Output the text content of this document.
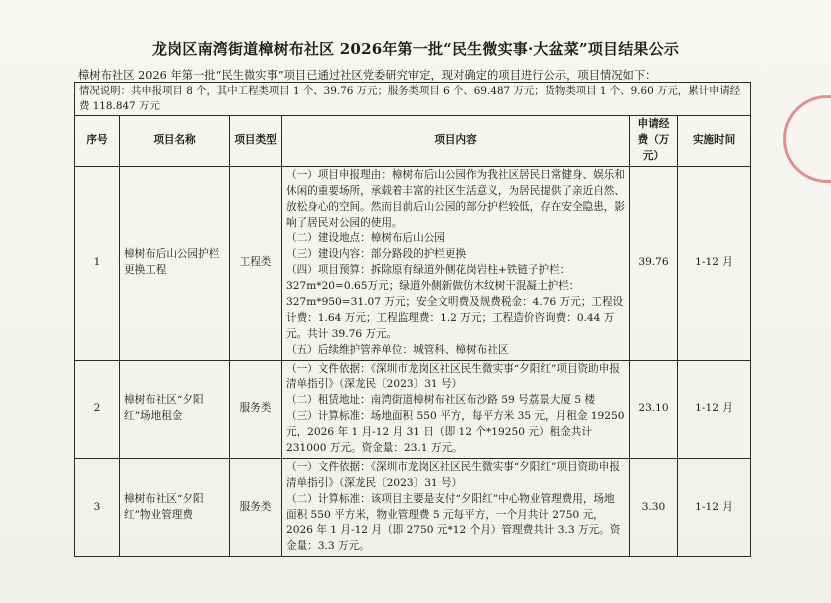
龙岗区南湾街道樟树布社区 2026年第一批“民生微实事·大盆菜”项目结果公示
樟树布社区 2026 年第一批“民生微实事”项目已通过社区党委研究审定，现对确定的项目进行公示，项目情况如下：
情况说明：共申报项目 8 个，其中工程类项目 1 个、39.76 万元；服务类项目 6 个、69.487 万元；货物类项目 1 个、9.60 万元，累计申请经费 118.847 万元					
序号	项目名称	项目类型	项目内容	申请经费（万元）	实施时间
1	樟树布后山公园护栏更换工程	工程类	（一）项目申报理由：樟树布后山公园作为我社区居民日常健身、娱乐和休闲的重要场所，承载着丰富的社区生活意义，为居民提供了亲近自然、放松身心的空间。然而目前后山公园的部分护栏较低，存在安全隐患，影响了居民对公园的使用。
（二）建设地点：樟树布后山公园
（三）建设内容：部分路段的护栏更换
（四）项目预算：拆除原有绿道外侧花岗岩柱+铁链子护栏：327m*20=0.65万元；绿道外侧新做仿木纹树干混凝土护栏：327m*950=31.07 万元；安全文明费及规费税金：4.76 万元；工程设计费：1.64 万元；工程监理费：1.2 万元；工程造价咨询费：0.44 万元。共计 39.76 万元。
（五）后续维护管养单位：城管科、樟树布社区	39.76	1-12 月
2	樟树布社区“夕阳红”场地租金	服务类	（一）文件依据：《深圳市龙岗区社区民生微实事“夕阳红”项目资助申报清单指引》（深龙民〔2023〕31 号）
（二）租赁地址：南湾街道樟树布社区布沙路 59 号荔景大厦 5 楼
（三）计算标准：场地面积 550 平方，每平方米 35 元，月租金 19250 元，2026 年 1 月-12 月 31 日（即 12 个*19250 元）租金共计 231000 万元。资金量：23.1 万元。	23.10	1-12 月
3	樟树布社区“夕阳红”物业管理费	服务类	（一）文件依据：《深圳市龙岗区社区民生微实事“夕阳红”项目资助申报清单指引》（深龙民〔2023〕31 号）
（二）计算标准：该项目主要是支付“夕阳红”中心物业管理费用，场地面积 550 平方米，物业管理费 5 元每平方，一个月共计 2750 元，2026 年 1 月-12 月（即 2750 元*12 个月）管理费共计 3.3 万元。资金量：3.3 万元。	3.30	1-12 月
